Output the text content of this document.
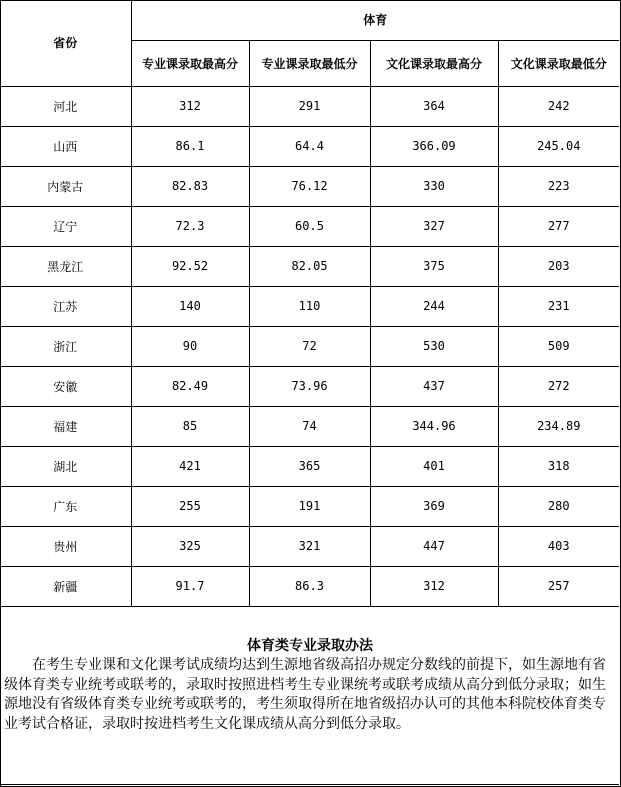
省份	体育			
	专业课录取最高分	专业课录取最低分	文化课录取最高分	文化课录取最低分
河北	312	291	364	242
山西	86.1	64.4	366.09	245.04
内蒙古	82.83	76.12	330	223
辽宁	72.3	60.5	327	277
黑龙江	92.52	82.05	375	203
江苏	140	110	244	231
浙江	90	72	530	509
安徽	82.49	73.96	437	272
福建	85	74	344.96	234.89
湖北	421	365	401	318
广东	255	191	369	280
贵州	325	321	447	403
新疆	91.7	86.3	312	257

体育类专业录取办法

在考生专业课和文化课考试成绩均达到生源地省级高招办规定分数线的前提下，如生源地有省级体育类专业统考或联考的，录取时按照进档考生专业课统考或联考成绩从高分到低分录取；如生源地没有省级体育类专业统考或联考的，考生须取得所在地省级招办认可的其他本科院校体育类专业考试合格证，录取时按进档考生文化课成绩从高分到低分录取。
